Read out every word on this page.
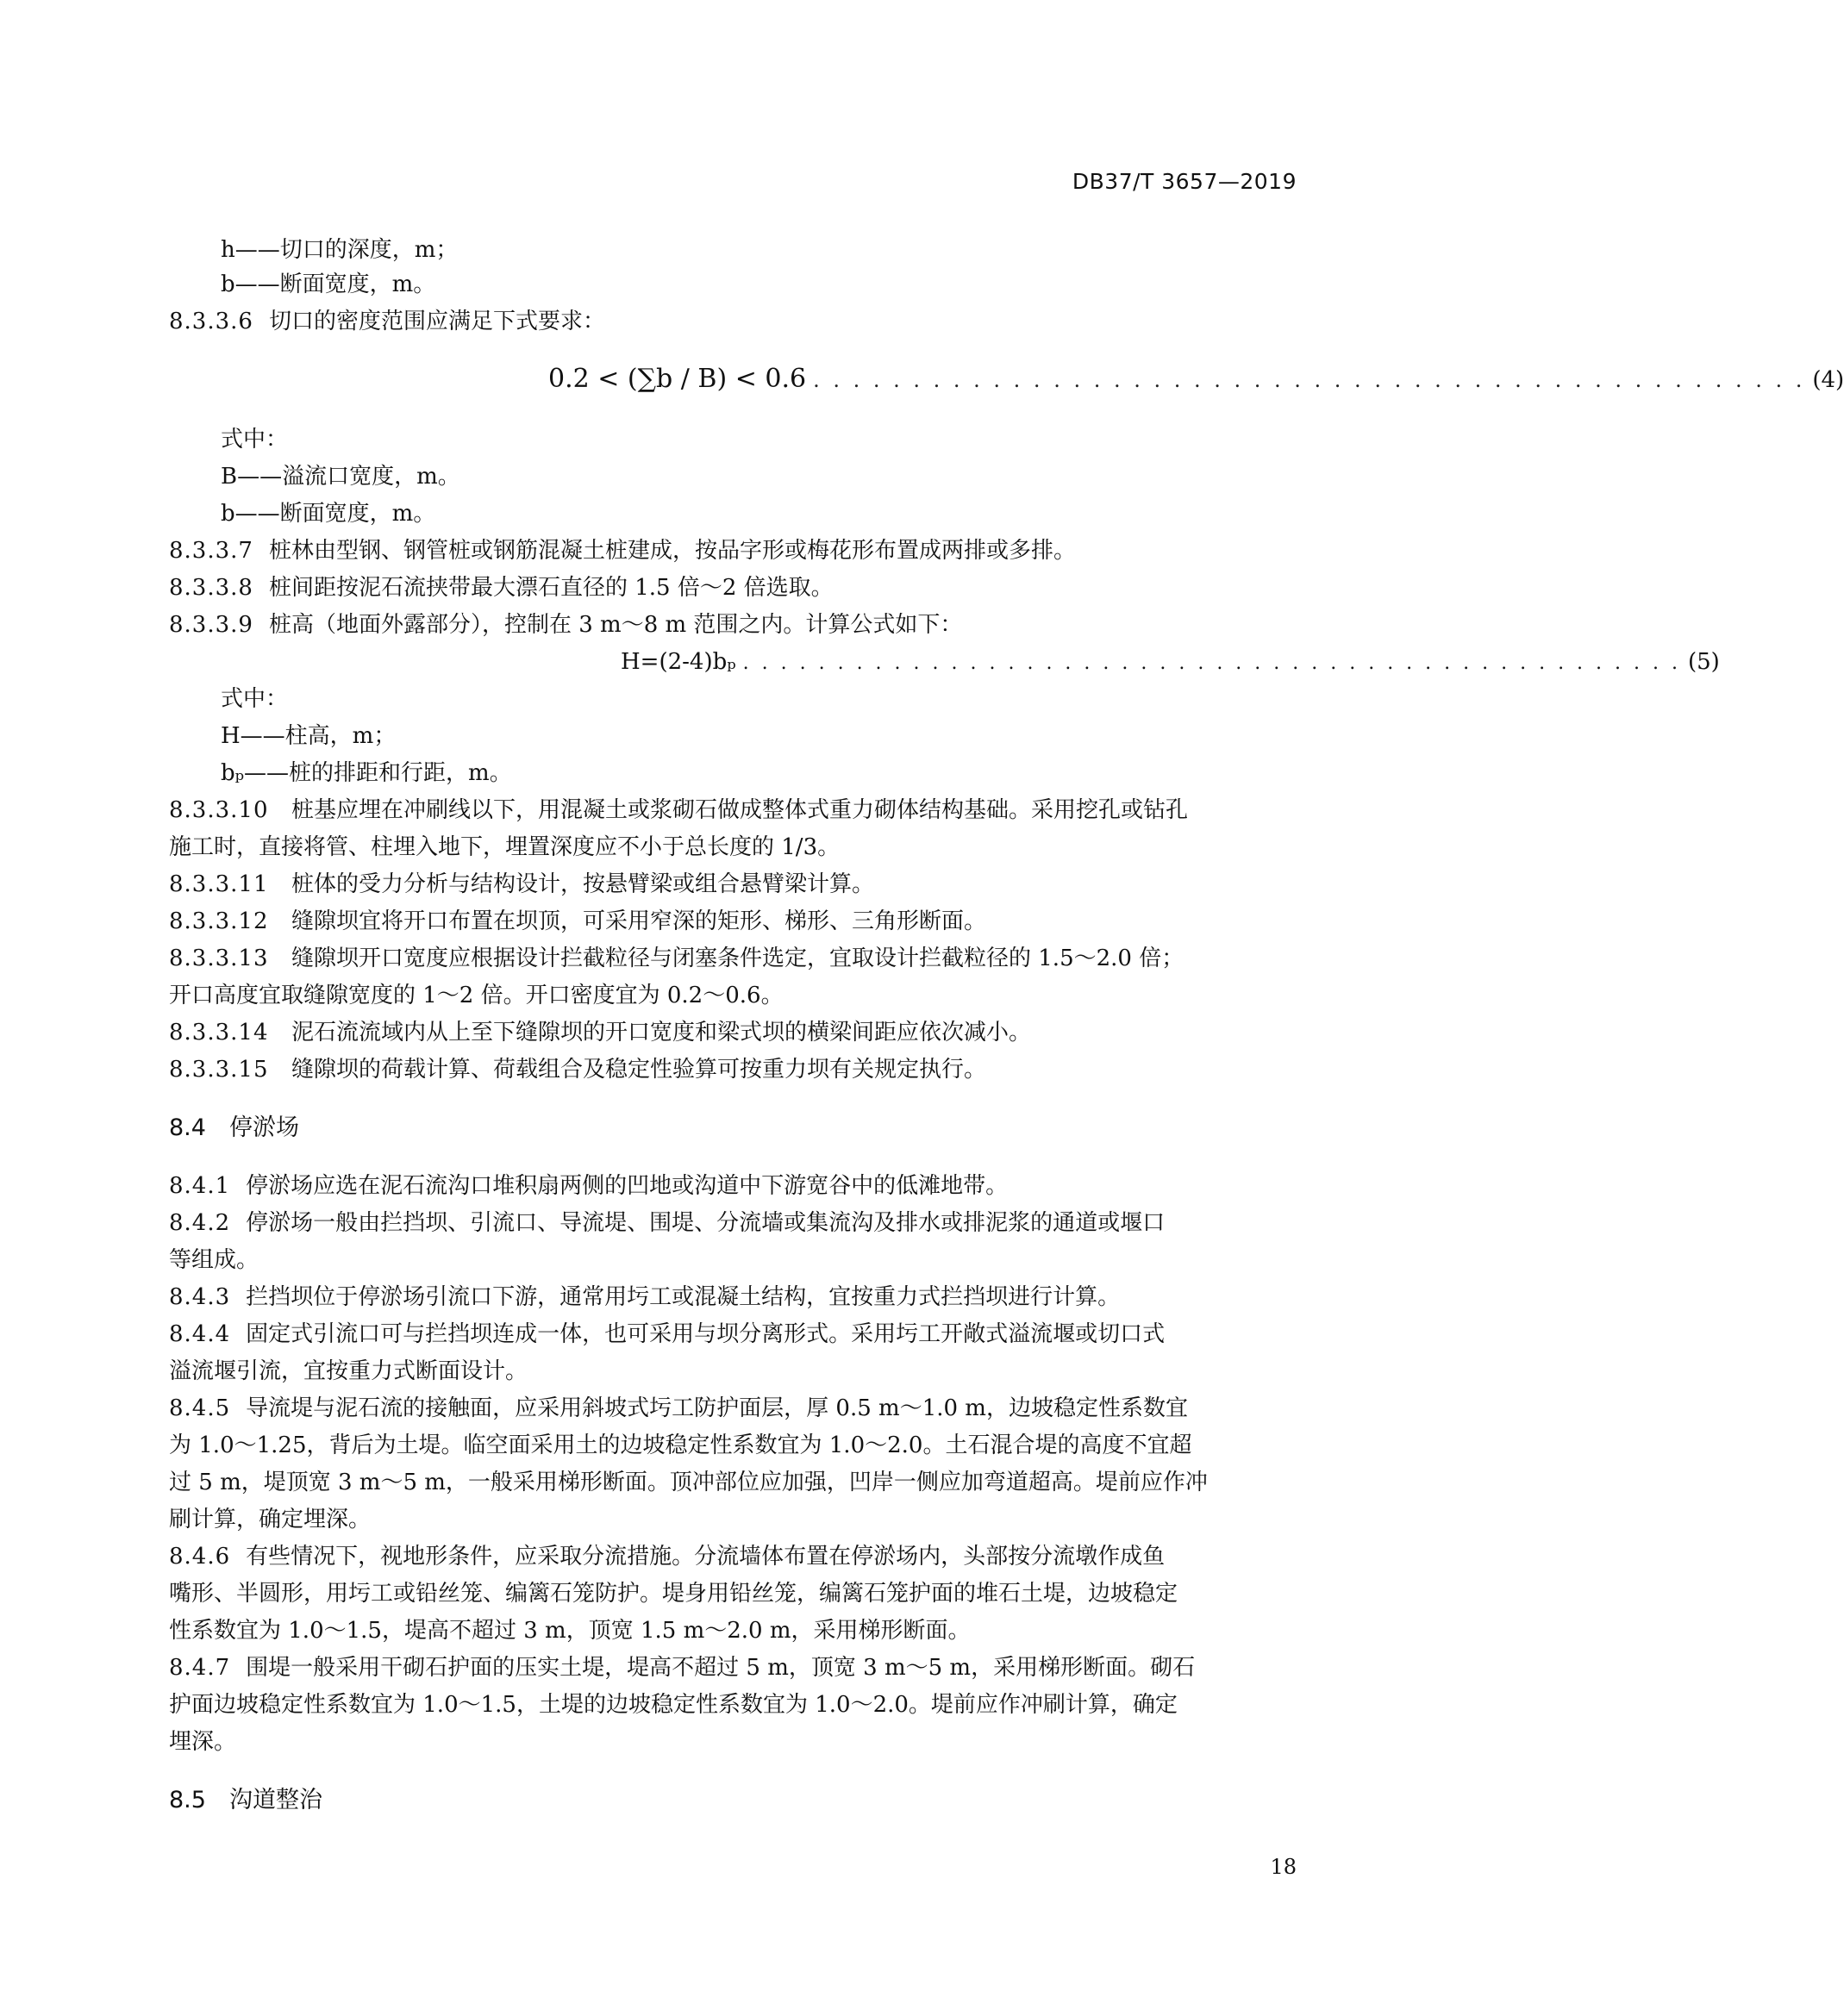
DB37/T 3657—2019
h——切口的深度，m；
b——断面宽度，m。
8.3.3.6 切口的密度范围应满足下式要求：
0.2 < (∑b / B) < 0.6 . . . . . . . . . . . . . . . . . . . . . . . . . . . . . . . . . . . . . . . . . . . . . . . . . . (4)
式中：
B——溢流口宽度，m。
b——断面宽度，m。
8.3.3.7 桩林由型钢、钢管桩或钢筋混凝土桩建成，按品字形或梅花形布置成两排或多排。
8.3.3.8 桩间距按泥石流挟带最大漂石直径的 1.5 倍～2 倍选取。
8.3.3.9 桩高（地面外露部分），控制在 3 m～8 m 范围之内。计算公式如下：
H=(2-4)bₚ . . . . . . . . . . . . . . . . . . . . . . . . . . . . . . . . . . . . . . . . . . . . . . . . . . (5)
式中：
H——柱高，m；
bₚ——桩的排距和行距，m。
8.3.3.10 桩基应埋在冲刷线以下，用混凝土或浆砌石做成整体式重力砌体结构基础。采用挖孔或钻孔
施工时，直接将管、柱埋入地下，埋置深度应不小于总长度的 1/3。
8.3.3.11 桩体的受力分析与结构设计，按悬臂梁或组合悬臂梁计算。
8.3.3.12 缝隙坝宜将开口布置在坝顶，可采用窄深的矩形、梯形、三角形断面。
8.3.3.13 缝隙坝开口宽度应根据设计拦截粒径与闭塞条件选定，宜取设计拦截粒径的 1.5～2.0 倍；
开口高度宜取缝隙宽度的 1～2 倍。开口密度宜为 0.2～0.6。
8.3.3.14 泥石流流域内从上至下缝隙坝的开口宽度和梁式坝的横梁间距应依次减小。
8.3.3.15 缝隙坝的荷载计算、荷载组合及稳定性验算可按重力坝有关规定执行。
8.4 停淤场
8.4.1 停淤场应选在泥石流沟口堆积扇两侧的凹地或沟道中下游宽谷中的低滩地带。
8.4.2 停淤场一般由拦挡坝、引流口、导流堤、围堤、分流墙或集流沟及排水或排泥浆的通道或堰口
等组成。
8.4.3 拦挡坝位于停淤场引流口下游，通常用圬工或混凝土结构，宜按重力式拦挡坝进行计算。
8.4.4 固定式引流口可与拦挡坝连成一体，也可采用与坝分离形式。采用圬工开敞式溢流堰或切口式
溢流堰引流，宜按重力式断面设计。
8.4.5 导流堤与泥石流的接触面，应采用斜坡式圬工防护面层，厚 0.5 m～1.0 m，边坡稳定性系数宜
为 1.0～1.25，背后为土堤。临空面采用土的边坡稳定性系数宜为 1.0～2.0。土石混合堤的高度不宜超
过 5 m，堤顶宽 3 m～5 m，一般采用梯形断面。顶冲部位应加强，凹岸一侧应加弯道超高。堤前应作冲
刷计算，确定埋深。
8.4.6 有些情况下，视地形条件，应采取分流措施。分流墙体布置在停淤场内，头部按分流墩作成鱼
嘴形、半圆形，用圬工或铅丝笼、编篱石笼防护。堤身用铅丝笼，编篱石笼护面的堆石土堤，边坡稳定
性系数宜为 1.0～1.5，堤高不超过 3 m，顶宽 1.5 m～2.0 m，采用梯形断面。
8.4.7 围堤一般采用干砌石护面的压实土堤，堤高不超过 5 m，顶宽 3 m～5 m，采用梯形断面。砌石
护面边坡稳定性系数宜为 1.0～1.5，土堤的边坡稳定性系数宜为 1.0～2.0。堤前应作冲刷计算，确定
埋深。
8.5 沟道整治
18
